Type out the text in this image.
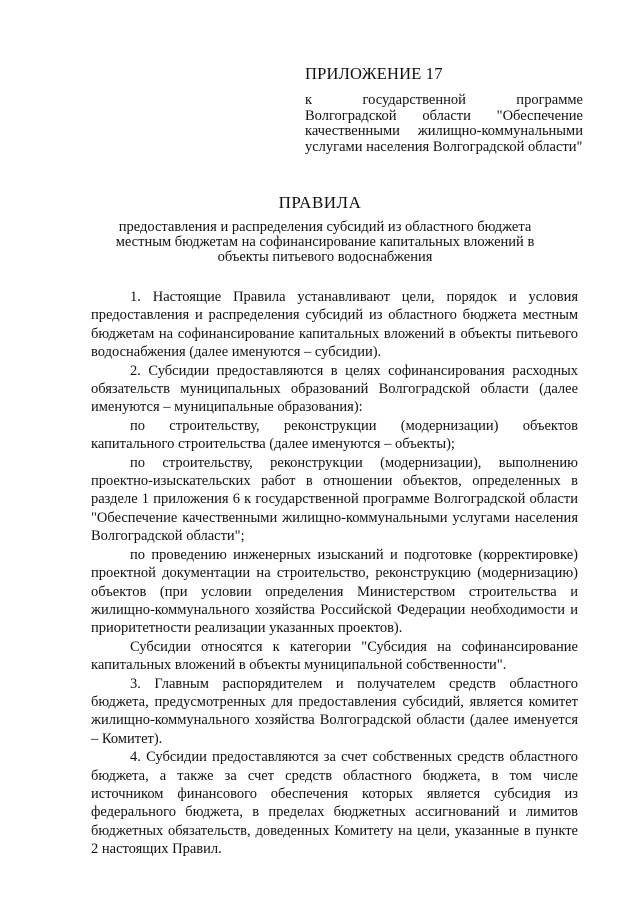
ПРИЛОЖЕНИЕ 17
к государственной программе Волгоградской области "Обеспечение качественными жилищно-коммунальными услугами населения Волгоградской области"
ПРАВИЛА
предоставления и распределения субсидий из областного бюджета местным бюджетам на софинансирование капитальных вложений в объекты питьевого водоснабжения

1. Настоящие Правила устанавливают цели, порядок и условия предоставления и распределения субсидий из областного бюджета местным бюджетам на софинансирование капитальных вложений в объекты питьевого водоснабжения (далее именуются – субсидии).

2. Субсидии предоставляются в целях софинансирования расходных обязательств муниципальных образований Волгоградской области (далее именуются – муниципальные образования):

по строительству, реконструкции (модернизации) объектов капитального строительства (далее именуются – объекты);

по строительству, реконструкции (модернизации), выполнению проектно-изыскательских работ в отношении объектов, определенных в разделе 1 приложения 6 к государственной программе Волгоградской области "Обеспечение качественными жилищно-коммунальными услугами населения Волгоградской области";

по проведению инженерных изысканий и подготовке (корректировке) проектной документации на строительство, реконструкцию (модернизацию) объектов (при условии определения Министерством строительства и жилищно-коммунального хозяйства Российской Федерации необходимости и приоритетности реализации указанных проектов).

Субсидии относятся к категории "Субсидия на софинансирование капитальных вложений в объекты муниципальной собственности".

3. Главным распорядителем и получателем средств областного бюджета, предусмотренных для предоставления субсидий, является комитет жилищно-коммунального хозяйства Волгоградской области (далее именуется – Комитет).

4. Субсидии предоставляются за счет собственных средств областного бюджета, а также за счет средств областного бюджета, в том числе источником финансового обеспечения которых является субсидия из федерального бюджета, в пределах бюджетных ассигнований и лимитов бюджетных обязательств, доведенных Комитету на цели, указанные в пункте 2 настоящих Правил.
